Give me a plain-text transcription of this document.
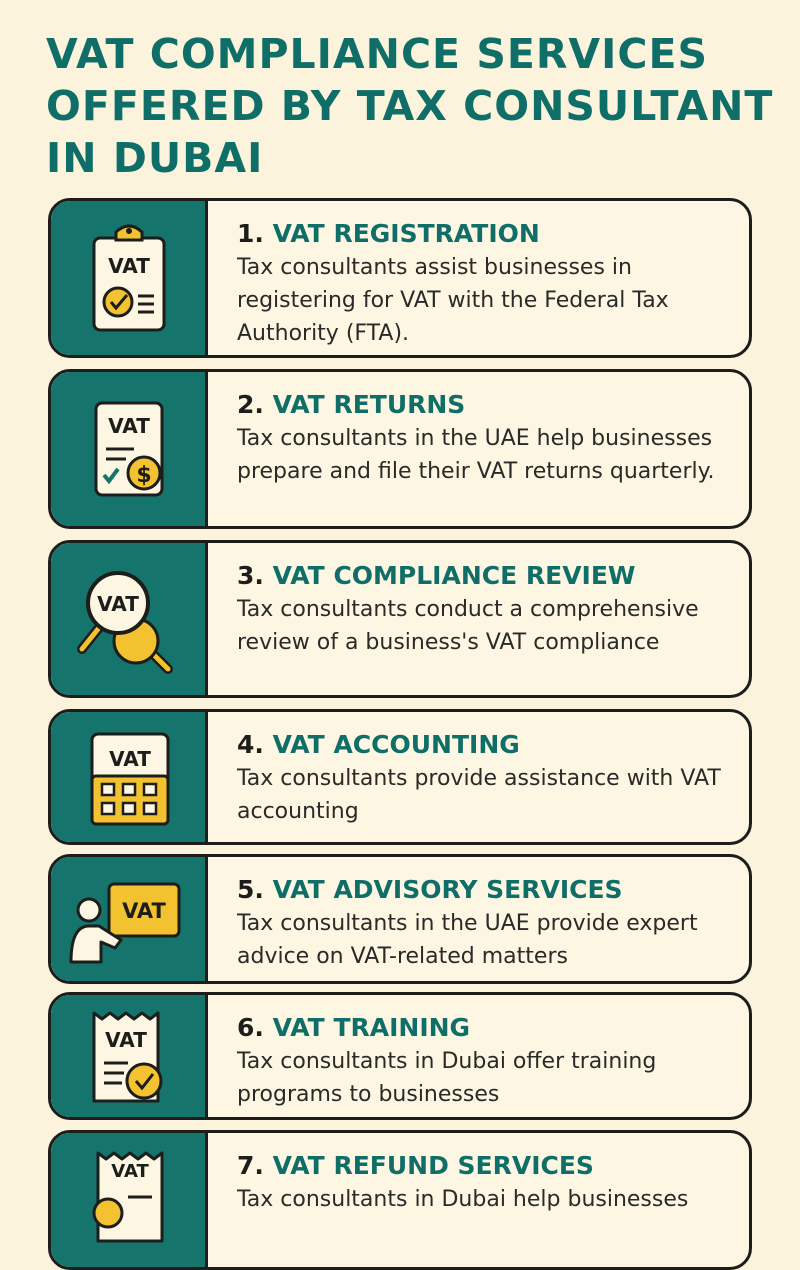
VAT COMPLIANCE SERVICES OFFERED BY TAX CONSULTANT IN DUBAI
VAT
1. VAT REGISTRATION

Tax consultants assist businesses in registering for VAT with the Federal Tax Authority (FTA).

VAT
$
2. VAT RETURNS

Tax consultants in the UAE help businesses prepare and file their VAT returns quarterly.

VAT
3. VAT COMPLIANCE REVIEW

Tax consultants conduct a comprehensive review of a business's VAT compliance

VAT	4. VAT ACCOUNTING

Tax consultants provide assistance with VAT accounting

VAT
5. VAT ADVISORY SERVICES

Tax consultants in the UAE provide expert advice on VAT-related matters

VAT	6. VAT TRAINING

Tax consultants in Dubai offer training programs to businesses

VAT	7. VAT REFUND SERVICES

Tax consultants in Dubai help businesses
